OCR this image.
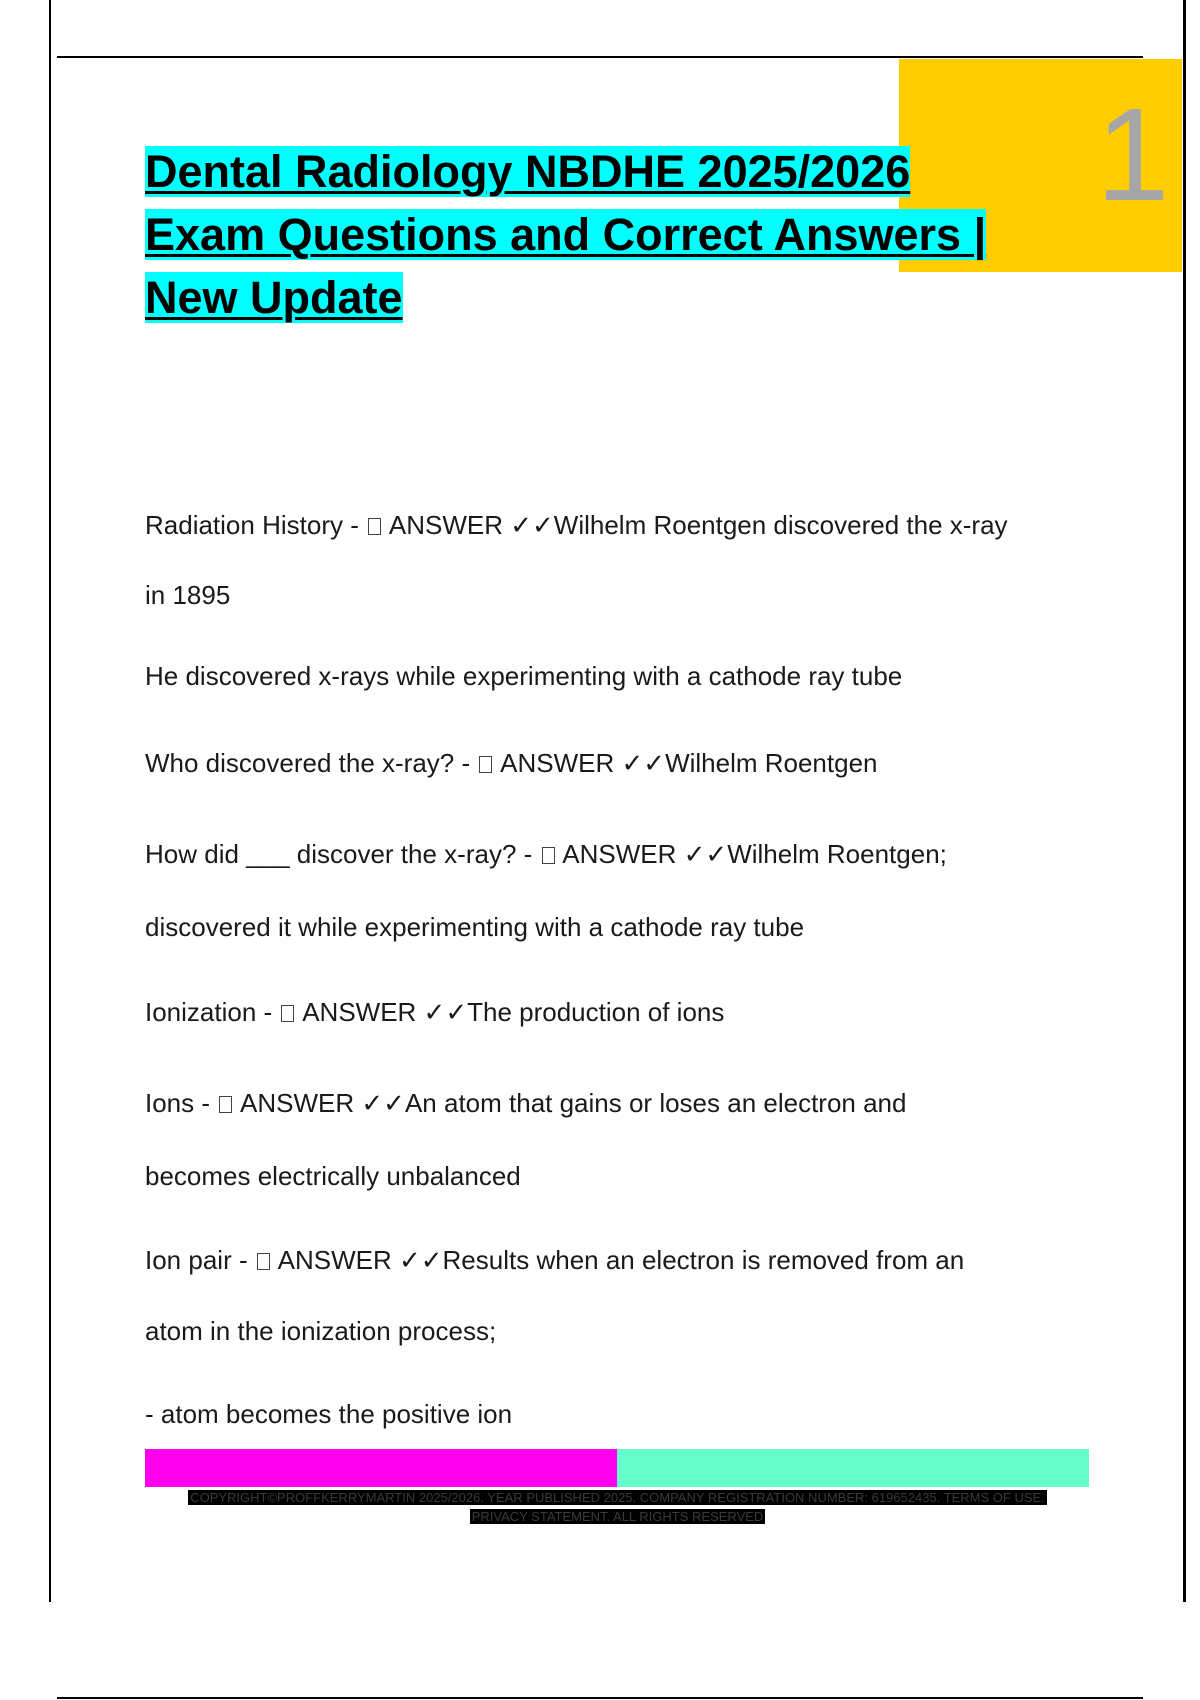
1
Dental Radiology NBDHE 2025/2026
Exam Questions and Correct Answers |
New Update
Radiation History -  ANSWER ✓✓Wilhelm Roentgen discovered the x-ray
in 1895
He discovered x-rays while experimenting with a cathode ray tube
Who discovered the x-ray? -  ANSWER ✓✓Wilhelm Roentgen
How did ___ discover the x-ray? -  ANSWER ✓✓Wilhelm Roentgen;
discovered it while experimenting with a cathode ray tube
Ionization -  ANSWER ✓✓The production of ions
Ions -  ANSWER ✓✓An atom that gains or loses an electron and
becomes electrically unbalanced
Ion pair -  ANSWER ✓✓Results when an electron is removed from an
atom in the ionization process;
- atom becomes the positive ion
COPYRIGHT©PROFFKERRYMARTIN 2025/2026. YEAR PUBLISHED 2025. COMPANY REGISTRATION NUMBER: 619652435. TERMS OF USE.
PRIVACY STATEMENT. ALL RIGHTS RESERVED
